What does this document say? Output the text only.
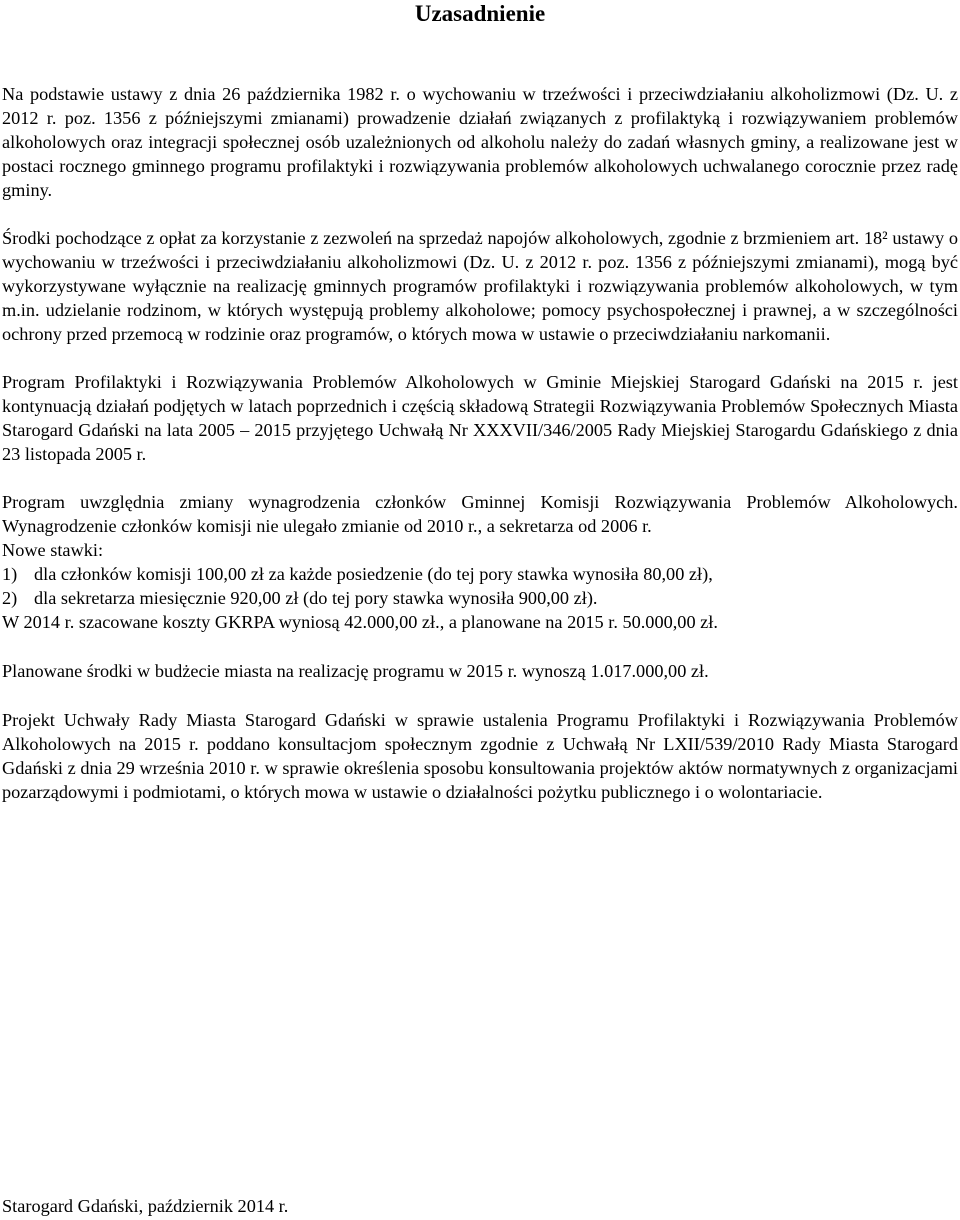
Uzasadnienie

Na podstawie ustawy z dnia 26 października 1982 r. o wychowaniu w trzeźwości i przeciwdziałaniu alkoholizmowi (Dz. U. z 2012 r. poz. 1356 z późniejszymi zmianami) prowadzenie działań związanych z profilaktyką i rozwiązywaniem problemów alkoholowych oraz integracji społecznej osób uzależnionych od alkoholu należy do zadań własnych gminy, a realizowane jest w postaci rocznego gminnego programu profilaktyki i rozwiązywania problemów alkoholowych uchwalanego corocznie przez radę gminy.

Środki pochodzące z opłat za korzystanie z zezwoleń na sprzedaż napojów alkoholowych, zgodnie z brzmieniem art. 18² ustawy o wychowaniu w trzeźwości i przeciwdziałaniu alkoholizmowi (Dz. U. z 2012 r. poz. 1356 z późniejszymi zmianami), mogą być wykorzystywane wyłącznie na realizację gminnych programów profilaktyki i rozwiązywania problemów alkoholowych, w tym m.in. udzielanie rodzinom, w których występują problemy alkoholowe; pomocy psychospołecznej i prawnej, a w szczególności ochrony przed przemocą w rodzinie oraz programów, o których mowa w ustawie o przeciwdziałaniu narkomanii.

Program Profilaktyki i Rozwiązywania Problemów Alkoholowych w Gminie Miejskiej Starogard Gdański na 2015 r. jest kontynuacją działań podjętych w latach poprzednich i częścią składową Strategii Rozwiązywania Problemów Społecznych Miasta Starogard Gdański na lata 2005 – 2015 przyjętego Uchwałą Nr XXXVII/346/2005 Rady Miejskiej Starogardu Gdańskiego z dnia 23 listopada 2005 r.

Program uwzględnia zmiany wynagrodzenia członków Gminnej Komisji Rozwiązywania Problemów Alkoholowych. Wynagrodzenie członków komisji nie ulegało zmianie od 2010 r., a sekretarza od 2006 r.

Nowe stawki:

1) dla członków komisji 100,00 zł za każde posiedzenie (do tej pory stawka wynosiła 80,00 zł),
2) dla sekretarza miesięcznie 920,00 zł (do tej pory stawka wynosiła 900,00 zł).

W 2014 r. szacowane koszty GKRPA wyniosą 42.000,00 zł., a planowane na 2015 r. 50.000,00 zł.

Planowane środki w budżecie miasta na realizację programu w 2015 r. wynoszą 1.017.000,00 zł.

Projekt Uchwały Rady Miasta Starogard Gdański w sprawie ustalenia Programu Profilaktyki i Rozwiązywania Problemów Alkoholowych na 2015 r. poddano konsultacjom społecznym zgodnie z Uchwałą Nr LXII/539/2010 Rady Miasta Starogard Gdański z dnia 29 września 2010 r. w sprawie określenia sposobu konsultowania projektów aktów normatywnych z organizacjami pozarządowymi i podmiotami, o których mowa w ustawie o działalności pożytku publicznego i o wolontariacie.

Starogard Gdański, październik 2014 r.
